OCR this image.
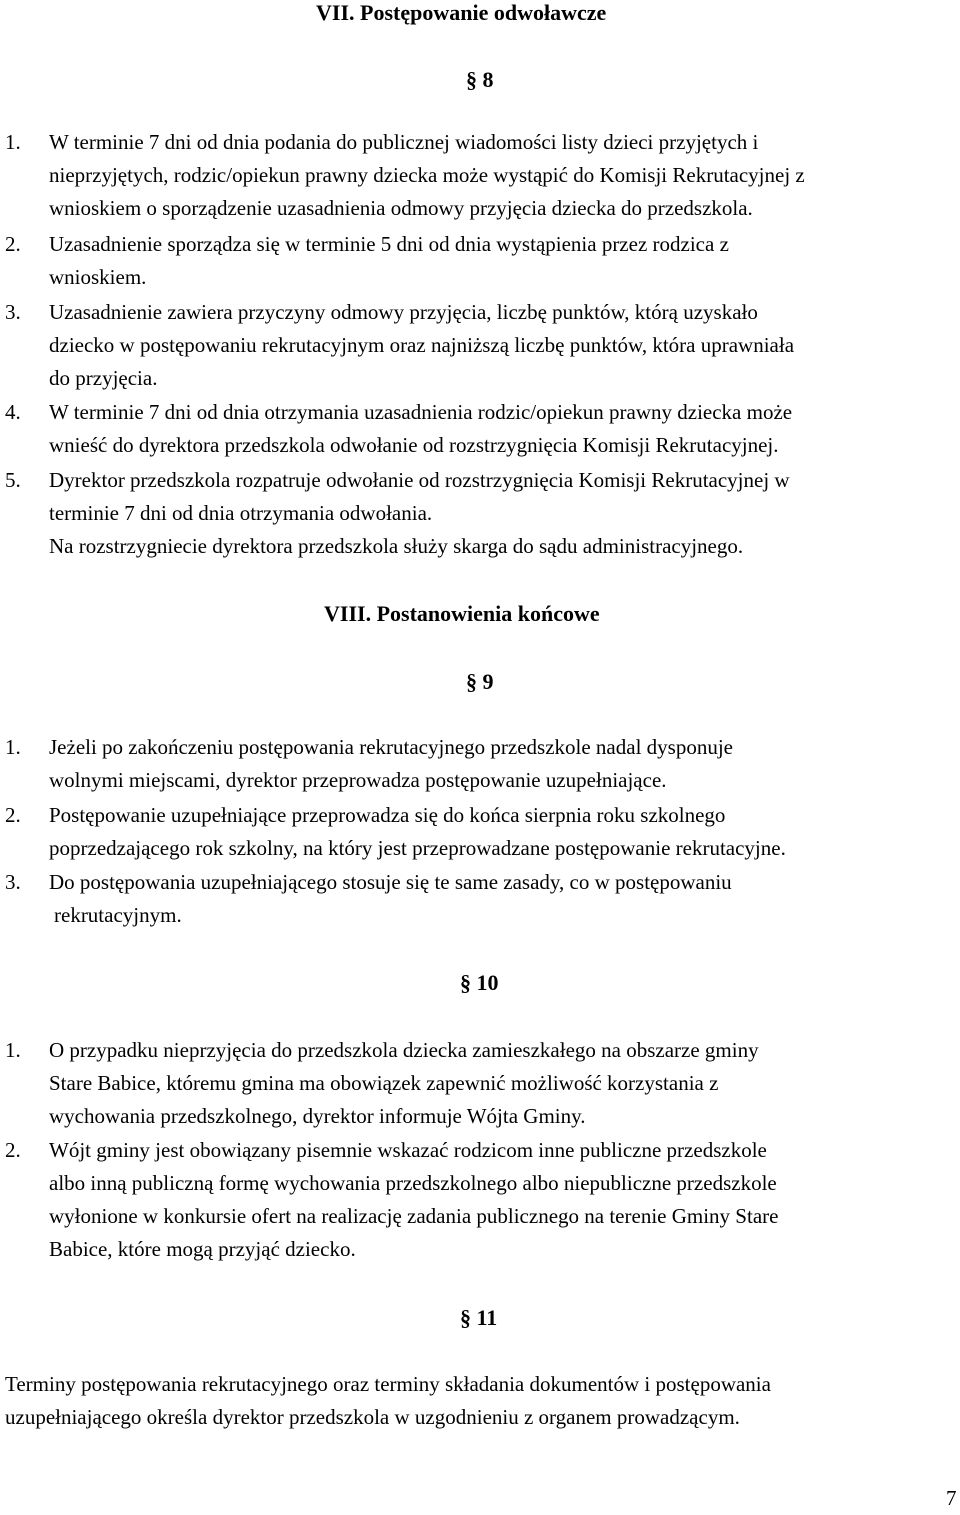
VII. Postępowanie odwoławcze
§ 8
1. W terminie 7 dni od dnia podania do publicznej wiadomości listy dzieci przyjętych i
nieprzyjętych, rodzic/opiekun prawny dziecka może wystąpić do Komisji Rekrutacyjnej z
wnioskiem o sporządzenie uzasadnienia odmowy przyjęcia dziecka do przedszkola.
2. Uzasadnienie sporządza się w terminie 5 dni od dnia wystąpienia przez rodzica z
wnioskiem.
3. Uzasadnienie zawiera przyczyny odmowy przyjęcia, liczbę punktów, którą uzyskało
dziecko w postępowaniu rekrutacyjnym oraz najniższą liczbę punktów, która uprawniała
do przyjęcia.
4. W terminie 7 dni od dnia otrzymania uzasadnienia rodzic/opiekun prawny dziecka może
wnieść do dyrektora przedszkola odwołanie od rozstrzygnięcia Komisji Rekrutacyjnej.
5. Dyrektor przedszkola rozpatruje odwołanie od rozstrzygnięcia Komisji Rekrutacyjnej w
terminie 7 dni od dnia otrzymania odwołania.
Na rozstrzygniecie dyrektora przedszkola służy skarga do sądu administracyjnego.
VIII. Postanowienia końcowe
§ 9
1. Jeżeli po zakończeniu postępowania rekrutacyjnego przedszkole nadal dysponuje
wolnymi miejscami, dyrektor przeprowadza postępowanie uzupełniające.
2. Postępowanie uzupełniające przeprowadza się do końca sierpnia roku szkolnego
poprzedzającego rok szkolny, na który jest przeprowadzane postępowanie rekrutacyjne.
3. Do postępowania uzupełniającego stosuje się te same zasady, co w postępowaniu
rekrutacyjnym.
§ 10
1. O przypadku nieprzyjęcia do przedszkola dziecka zamieszkałego na obszarze gminy
Stare Babice, któremu gmina ma obowiązek zapewnić możliwość korzystania z
wychowania przedszkolnego, dyrektor informuje Wójta Gminy.
2. Wójt gminy jest obowiązany pisemnie wskazać rodzicom inne publiczne przedszkole
albo inną publiczną formę wychowania przedszkolnego albo niepubliczne przedszkole
wyłonione w konkursie ofert na realizację zadania publicznego na terenie Gminy Stare
Babice, które mogą przyjąć dziecko.
§ 11
Terminy postępowania rekrutacyjnego oraz terminy składania dokumentów i postępowania
uzupełniającego określa dyrektor przedszkola w uzgodnieniu z organem prowadzącym.
7
